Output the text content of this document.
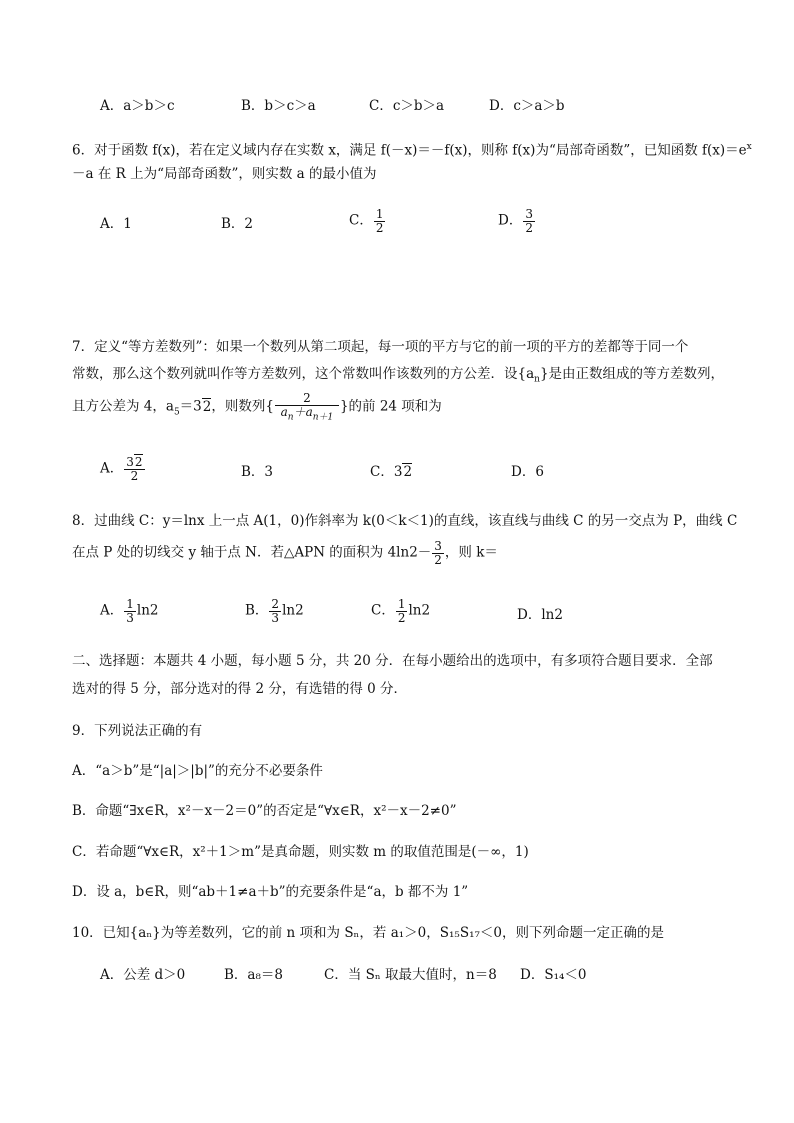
A．a＞b＞c	B．b＞c＞a	C．c＞b＞a	D．c＞a＞b
6．对于函数 f(x)，若在定义域内存在实数 x，满足 f(－x)＝－f(x)，则称 f(x)为“局部奇函数”，已知函数 $f(x)=e^x$
－a 在 R 上为“局部奇函数”，则实数 a 的最小值为
A．1	B．2	C． $\frac{1}{2}$	D． $\frac{3}{2}$
7．定义“等方差数列”：如果一个数列从第二项起，每一项的平方与它的前一项的平方的差都等于同一个
常数，那么这个数列就叫作等方差数列，这个常数叫作该数列的方公差．设$\{a_n\}$是由正数组成的等方差数列，
且方公差为 4，$a_5=32$，则数列{ $\frac{2}{a_n+a_{n+1}}$ }的前 24 项和为
A． $\frac{32}{2}$	B．3	C．32	D．6
8．过曲线 C：y＝lnx 上一点 A(1，0)作斜率为 k(0＜k＜1)的直线，该直线与曲线 C 的另一交点为 P，曲线 C
在点 P 处的切线交 y 轴于点 N．若△APN 的面积为 $4\ln 2- \frac{3}{2}$ ，则 k＝
A． $\frac{1}{3} \ln 2$	B． $\frac{2}{3} \ln 2$	C． $\frac{1}{2} \ln 2$	D．ln2
二、选择题：本题共 4 小题，每小题 5 分，共 20 分．在每小题给出的选项中，有多项符合题目要求．全部
选对的得 5 分，部分选对的得 2 分，有选错的得 0 分．
9．下列说法正确的有
A．“a＞b”是“|a|＞|b|”的充分不必要条件
B．命题“∃x∈R，x²－x－2＝0”的否定是“∀x∈R，x²－x－2≠0”
C．若命题“∀x∈R，x²＋1＞m”是真命题，则实数 m 的取值范围是(－∞，1)
D．设 a，b∈R，则“ab＋1≠a＋b”的充要条件是“a，b 都不为 1”
10．已知{aₙ}为等差数列，它的前 n 项和为 Sₙ，若 a₁＞0，S₁₅S₁₇＜0，则下列命题一定正确的是
A．公差 d＞0	B．a₈＝8	C．当 Sₙ 取最大值时，n＝8 D．S₁₄＜0
